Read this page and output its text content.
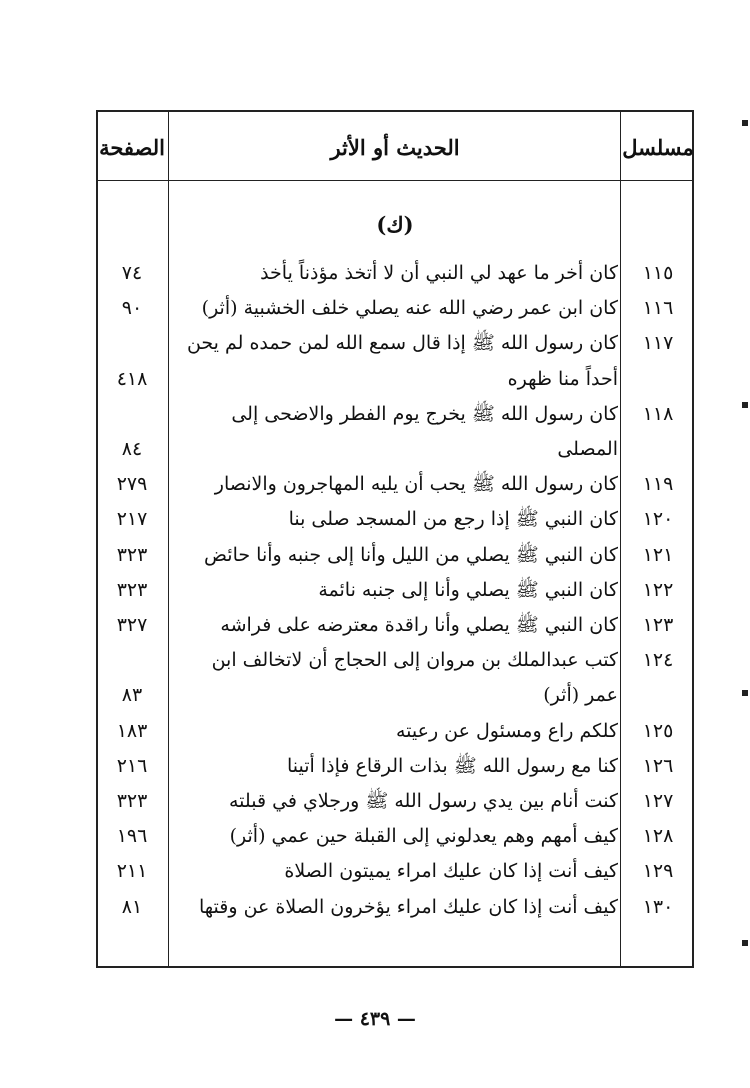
مسلسل
الحديث أو الأثر
الصفحة
(ك)
١١٥
كان أخر ما عهد لي النبي أن لا أتخذ مؤذناً يأخذ
٧٤
١١٦
كان ابن عمر رضي الله عنه يصلي خلف الخشبية (أثر)
٩٠
١١٧
كان رسول الله ﷺ إذا قال سمع الله لمن حمده لم يحن
أحداً منا ظهره
٤١٨
١١٨
كان رسول الله ﷺ يخرج يوم الفطر والاضحى إلى
المصلى
٨٤
١١٩
كان رسول الله ﷺ يحب أن يليه المهاجرون والانصار
٢٧٩
١٢٠
كان النبي ﷺ إذا رجع من المسجد صلى بنا
٢١٧
١٢١
كان النبي ﷺ يصلي من الليل وأنا إلى جنبه وأنا حائض
٣٢٣
١٢٢
كان النبي ﷺ يصلي وأنا إلى جنبه نائمة
٣٢٣
١٢٣
كان النبي ﷺ يصلي وأنا راقدة معترضه على فراشه
٣٢٧
١٢٤
كتب عبدالملك بن مروان إلى الحجاج أن لاتخالف ابن
عمر (أثر)
٨٣
١٢٥
كلكم راع ومسئول عن رعيته
١٨٣
١٢٦
كنا مع رسول الله ﷺ بذات الرقاع فإذا أتينا
٢١٦
١٢٧
كنت أنام بين يدي رسول الله ﷺ ورجلاي في قبلته
٣٢٣
١٢٨
كيف أمهم وهم يعدلوني إلى القبلة حين عمي (أثر)
١٩٦
١٢٩
كيف أنت إذا كان عليك امراء يميتون الصلاة
٢١١
١٣٠
كيف أنت إذا كان عليك امراء يؤخرون الصلاة عن وقتها
٨١
— ٤٣٩ —
